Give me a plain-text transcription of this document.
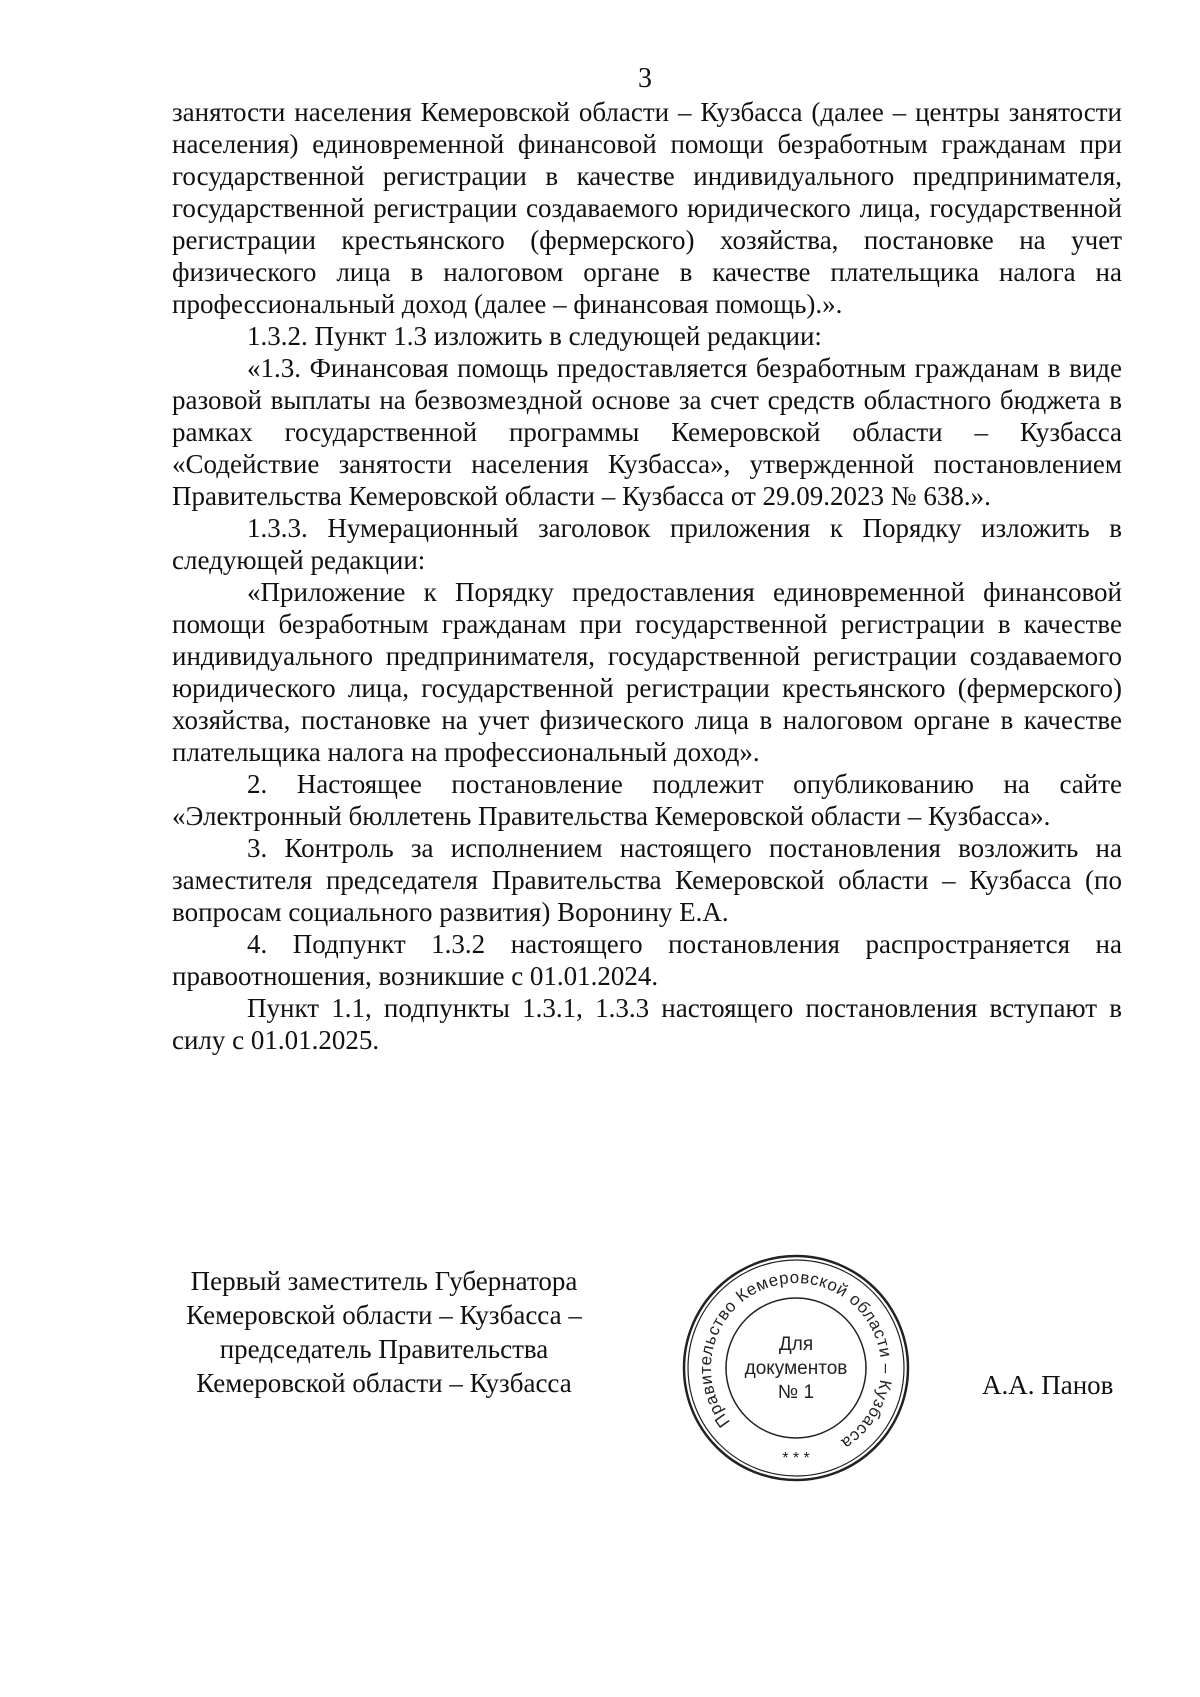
3

занятости населения Кемеровской области – Кузбасса (далее – центры занятости населения) единовременной финансовой помощи безработным гражданам при государственной регистрации в качестве индивидуального предпринимателя, государственной регистрации создаваемого юридического лица, государственной регистрации крестьянского (фермерского) хозяйства, постановке на учет физического лица в налоговом органе в качестве плательщика налога на профессиональный доход (далее – финансовая помощь).».

1.3.2. Пункт 1.3 изложить в следующей редакции:

«1.3. Финансовая помощь предоставляется безработным гражданам в виде разовой выплаты на безвозмездной основе за счет средств областного бюджета в рамках государственной программы Кемеровской области – Кузбасса «Содействие занятости населения Кузбасса», утвержденной постановлением Правительства Кемеровской области – Кузбасса от 29.09.2023 № 638.».

1.3.3. Нумерационный заголовок приложения к Порядку изложить в следующей редакции:

«Приложение к Порядку предоставления единовременной финансовой помощи безработным гражданам при государственной регистрации в качестве индивидуального предпринимателя, государственной регистрации создаваемого юридического лица, государственной регистрации крестьянского (фермерского) хозяйства, постановке на учет физического лица в налоговом органе в качестве плательщика налога на профессиональный доход».

2. Настоящее постановление подлежит опубликованию на сайте «Электронный бюллетень Правительства Кемеровской области – Кузбасса».

3. Контроль за исполнением настоящего постановления возложить на заместителя председателя Правительства Кемеровской области – Кузбасса (по вопросам социального развития) Воронину Е.А.

4. Подпункт 1.3.2 настоящего постановления распространяется на правоотношения, возникшие с 01.01.2024.

Пункт 1.1, подпункты 1.3.1, 1.3.3 настоящего постановления вступают в силу с 01.01.2025.

Первый заместитель Губернатора
Кемеровской области – Кузбасса –
председатель Правительства
Кемеровской области – Кузбасса
Правительство Кемеровской области – Кузбасса
* * *
Для
документов
№ 1	А.А. Панов
